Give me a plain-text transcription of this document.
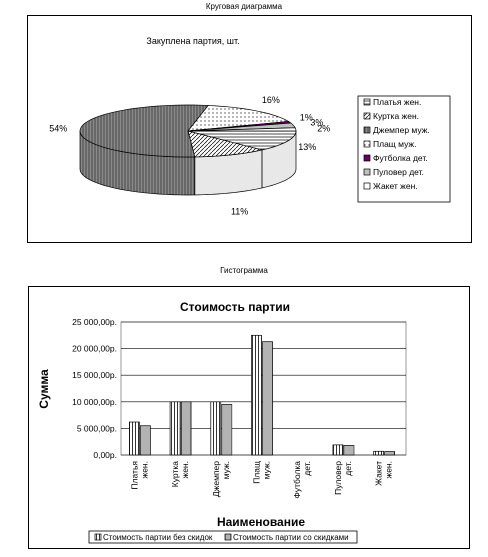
Круговая диаграмма
Закуплена партия, шт.
13%
11%
54%
16%
1%
3%
2%
Платья жен.
Куртка жен.
Джемпер муж.
Плащ муж.
Футболка дет.
Пуловер дет.
Жакет жен.
Гистограмма
Стоимость партии
0,00р.
5 000,00р.
10 000,00р.
15 000,00р.
20 000,00р.
25 000,00р.
Платья жен. Куртка жен. Джемпер муж. Плащ муж. Футболка дет. Пуловер дет. Жакет жен.
Сумма
Наименование
Стоимость партии без скидок	Стоимость партии со скидками
